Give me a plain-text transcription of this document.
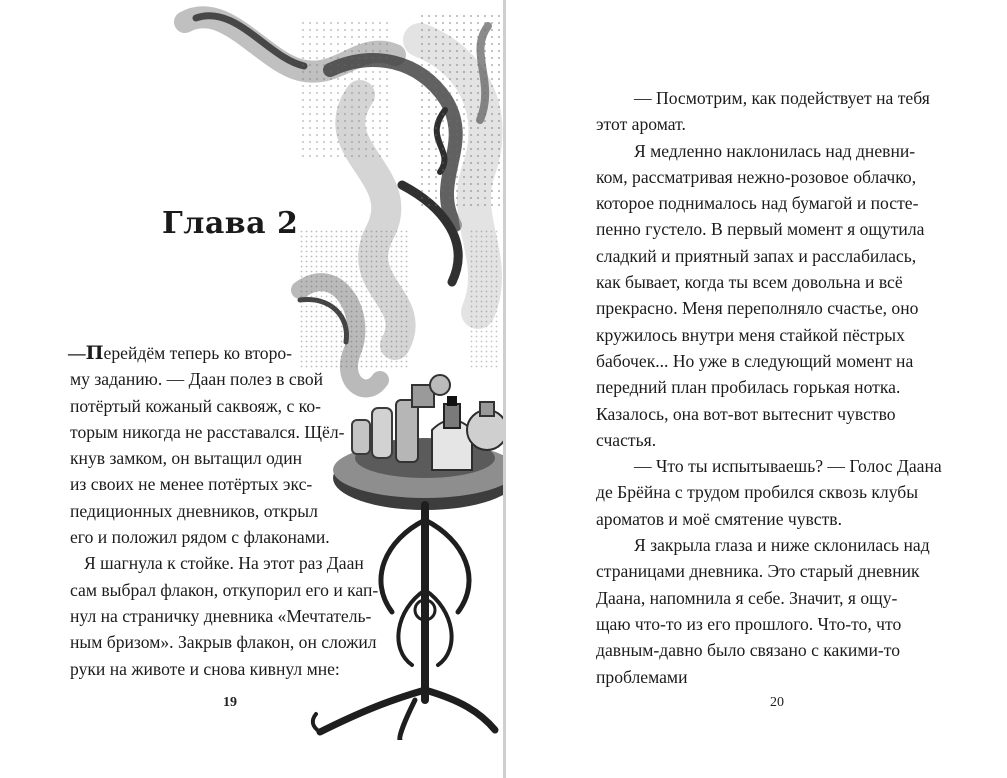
Глава 2
—Перейдём теперь ко второ-
му заданию. — Даан полез в свой
потёртый кожаный саквояж, с ко-
торым никогда не расставался. Щёл-
кнув замком, он вытащил один
из своих не менее потёртых экс-
педиционных дневников, открыл
его и положил рядом с флаконами.
Я шагнула к стойке. На этот раз Даан
сам выбрал флакон, откупорил его и кап-
нул на страничку дневника «Мечтатель-
ным бризом». Закрыв флакон, он сложил
руки на животе и снова кивнул мне:
19
— Посмотрим, как подействует на тебя
этот аромат.
Я медленно наклонилась над дневни-
ком, рассматривая нежно-розовое облачко,
которое поднималось над бумагой и посте-
пенно густело. В первый момент я ощутила
сладкий и приятный запах и расслабилась,
как бывает, когда ты всем довольна и всё
прекрасно. Меня переполняло счастье, оно
кружилось внутри меня стайкой пёстрых
бабочек... Но уже в следующий момент на
передний план пробилась горькая нотка.
Казалось, она вот-вот вытеснит чувство
счастья.
— Что ты испытываешь? — Голос Даана
де Брёйна с трудом пробился сквозь клубы
ароматов и моё смятение чувств.
Я закрыла глаза и ниже склонилась над
страницами дневника. Это старый дневник
Даана, напомнила я себе. Значит, я ощу-
щаю что-то из его прошлого. Что-то, что
давным-давно было связано с какими-то
проблемами
20
